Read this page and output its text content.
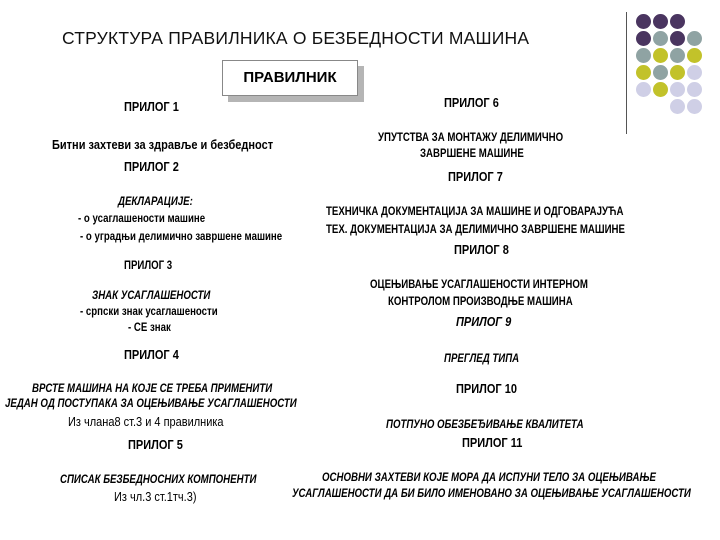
СТРУКТУРА ПРАВИЛНИКА О БЕЗБЕДНОСТИ МАШИНА
ПРАВИЛНИК
ПРИЛОГ 1
Битни захтеви за здравље и безбедност
ПРИЛОГ 2
ДЕКЛАРАЦИЈЕ:
- о усаглашености машине
- о уградњи делимично завршене машине
ПРИЛОГ 3
ЗНАК УСАГЛАШЕНОСТИ
- српски знак усаглашености
- CE знак
ПРИЛОГ 4
ВРСТЕ МАШИНА НА КОЈЕ СЕ ТРЕБА ПРИМЕНИТИ
ЈЕДАН ОД ПОСТУПАКА ЗА ОЦЕЊИВАЊЕ УСАГЛАШЕНОСТИ
Из члана8 ст.3 и 4 правилника
ПРИЛОГ 5
СПИСАК БЕЗБЕДНОСНИХ КОМПОНЕНТИ
Из чл.3 ст.1тч.3)
ПРИЛОГ 6
УПУТСТВА ЗА МОНТАЖУ ДЕЛИМИЧНО
ЗАВРШЕНЕ МАШИНЕ
ПРИЛОГ 7
ТЕХНИЧКА ДОКУМЕНТАЦИЈА ЗА МАШИНЕ И ОДГОВАРАЈУЋА
ТЕХ. ДОКУМЕНТАЦИЈА ЗА ДЕЛИМИЧНО ЗАВРШЕНЕ МАШИНЕ
ПРИЛОГ 8
ОЦЕЊИВАЊЕ УСАГЛАШЕНОСТИ ИНТЕРНОМ
КОНТРОЛОМ ПРОИЗВОДЊЕ МАШИНА
ПРИЛОГ 9
ПРЕГЛЕД ТИПА
ПРИЛОГ 10
ПОТПУНО ОБЕЗБЕЂИВАЊЕ КВАЛИТЕТА
ПРИЛОГ 11
ОСНОВНИ ЗАХТЕВИ КОЈЕ МОРА ДА ИСПУНИ ТЕЛО ЗА ОЦЕЊИВАЊЕ
УСАГЛАШЕНОСТИ ДА БИ БИЛО ИМЕНОВАНО ЗА ОЦЕЊИВАЊЕ УСАГЛАШЕНОСТИ
